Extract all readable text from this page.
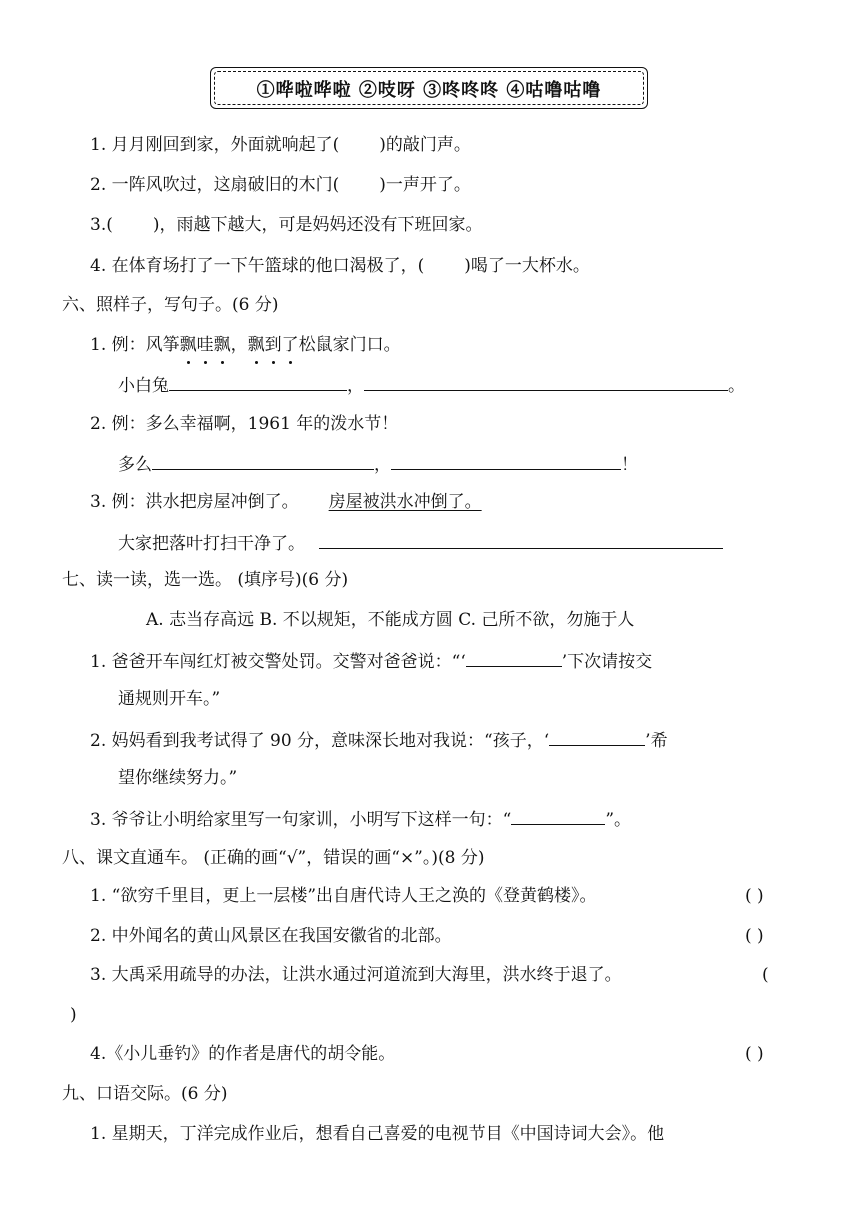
①哗啦哗啦 ②吱呀 ③咚咚咚 ④咕噜咕噜
1. 月月刚回到家，外面就响起了( )的敲门声。
2. 一阵风吹过，这扇破旧的木门( )一声开了。
3.( )，雨越下越大，可是妈妈还没有下班回家。
4. 在体育场打了一下午篮球的他口渴极了，( )喝了一大杯水。
六、照样子，写句子。(6 分)
1. 例：风筝飘哇飘，飘到了松鼠家门口。
小白兔	，	。
2. 例：多么幸福啊，1961 年的泼水节！
多么	，	！
3. 例：洪水把房屋冲倒了。 房屋被洪水冲倒了。
大家把落叶打扫干净了。
七、读一读，选一选。 (填序号)(6 分)
A. 志当存高远 B. 不以规矩，不能成方圆 C. 己所不欲，勿施于人
1. 爸爸开车闯红灯被交警处罚。交警对爸爸说：“‘	’下次请按交
通规则开车。”
2. 妈妈看到我考试得了 90 分，意味深长地对我说：“孩子，‘	’希
望你继续努力。”
3. 爷爷让小明给家里写一句家训，小明写下这样一句：“	”。
八、课文直通车。 (正确的画“√”，错误的画“×”。)(8 分)
1. “欲穷千里目，更上一层楼”出自唐代诗人王之涣的《登黄鹤楼》。	( )
2. 中外闻名的黄山风景区在我国安徽省的北部。	( )
3. 大禹采用疏导的办法，让洪水通过河道流到大海里，洪水终于退了。	(
)
4.《小儿垂钓》的作者是唐代的胡令能。	( )
九、口语交际。(6 分)
1. 星期天，丁洋完成作业后，想看自己喜爱的电视节目《中国诗词大会》。他
